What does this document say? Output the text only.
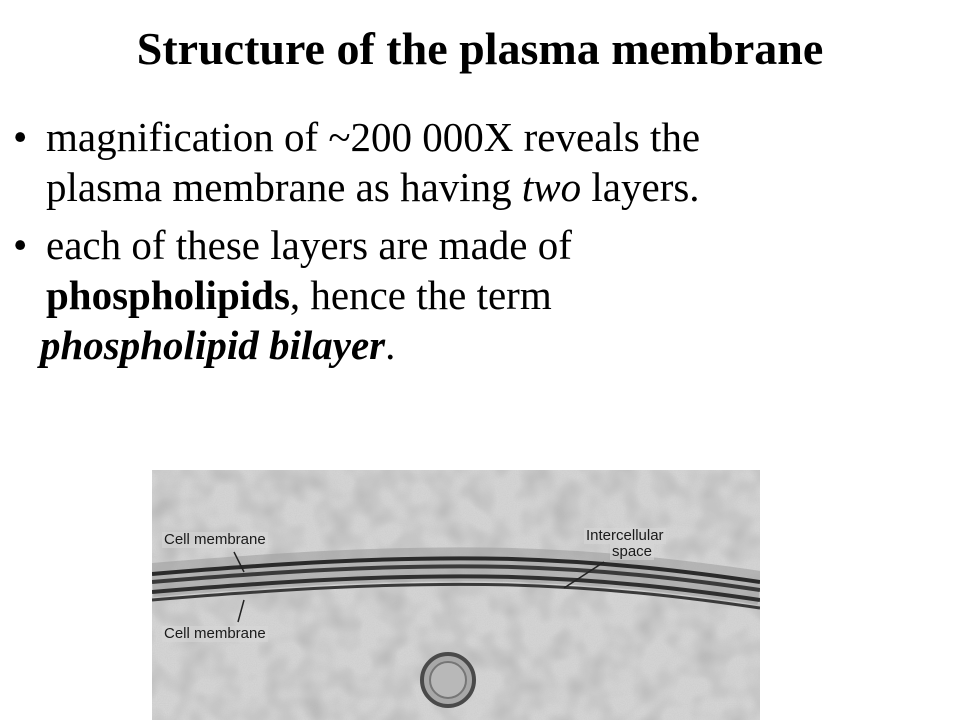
Structure of the plasma membrane
• magnification of ~200 000X reveals the
plasma membrane as having two layers.
• each of these layers are made of
phospholipids, hence the term
phospholipid bilayer.
Cell membrane
Cell membrane
Intercellular
space
